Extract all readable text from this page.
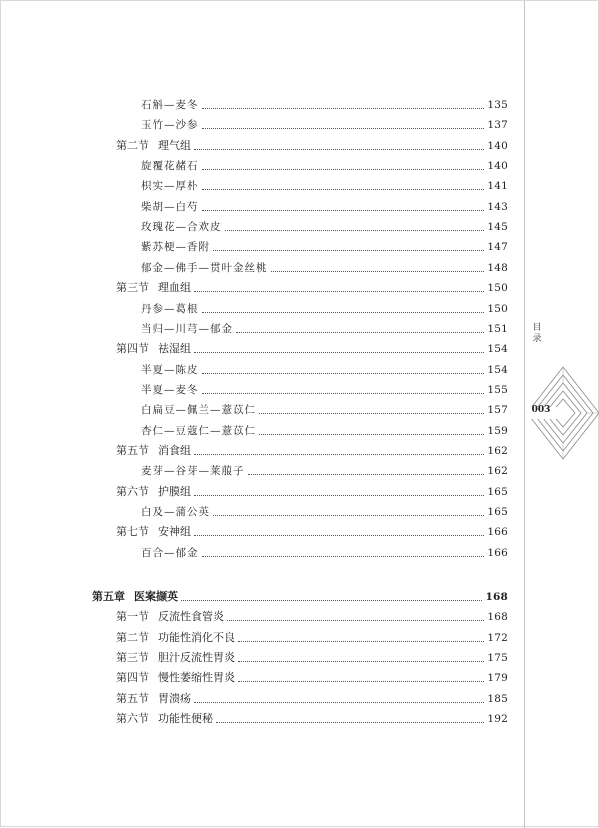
石斛—麦冬	135
玉竹—沙参	137
第二节 理气组	140
旋覆花赭石	140
枳实—厚朴	141
柴胡—白芍	143
玫瑰花—合欢皮	145
紫苏梗—香附	147
郁金—佛手—贯叶金丝桃	148
第三节 理血组	150
丹参—葛根	150
当归—川芎—郁金	151
第四节 祛湿组	154
半夏—陈皮	154
半夏—麦冬	155
白扁豆—佩兰—薏苡仁	157
杏仁—豆蔻仁—薏苡仁	159
第五节 消食组	162
麦芽—谷芽—莱菔子	162
第六节 护膜组	165
白及—蒲公英	165
第七节 安神组	166
百合—郁金	166
第五章 医案撷英	168
第一节 反流性食管炎	168
第二节 功能性消化不良	172
第三节 胆汁反流性胃炎	175
第四节 慢性萎缩性胃炎	179
第五节 胃溃疡	185
第六节 功能性便秘	192
目
录
003
